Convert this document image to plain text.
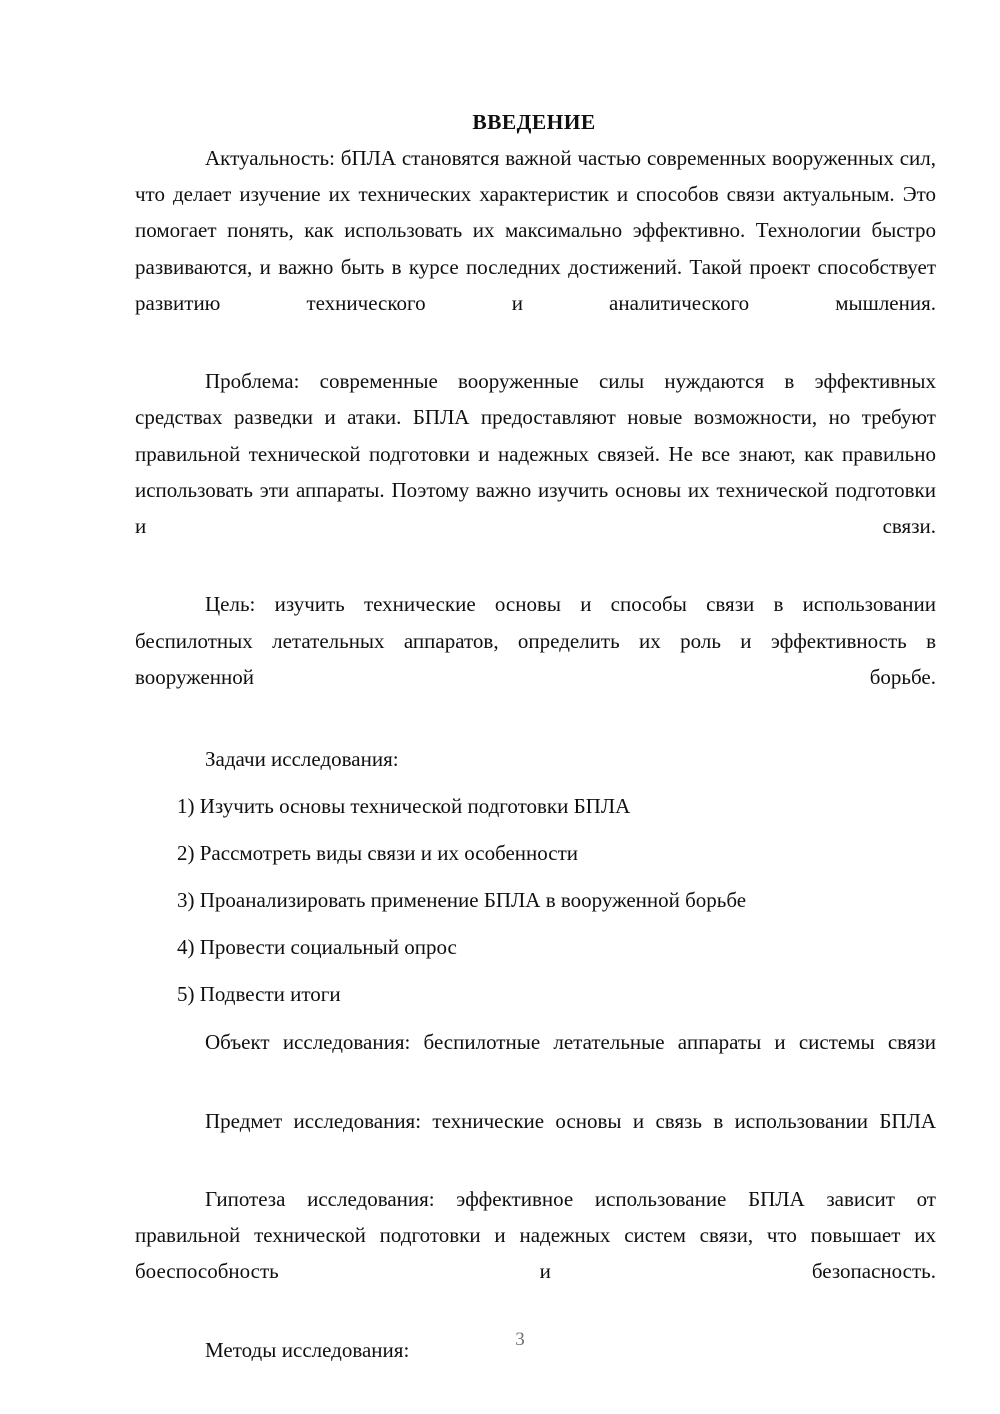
ВВЕДЕНИЕ

Актуальность: бПЛА становятся важной частью современных вооруженных сил, что делает изучение их технических характеристик и способов связи актуальным. Это помогает понять, как использовать их максимально эффективно. Технологии быстро развиваются, и важно быть в курсе последних достижений. Такой проект способствует развитию технического и аналитического мышления.

Проблема: современные вооруженные силы нуждаются в эффективных средствах разведки и атаки. БПЛА предоставляют новые возможности, но требуют правильной технической подготовки и надежных связей. Не все знают, как правильно использовать эти аппараты. Поэтому важно изучить основы их технической подготовки и связи.

Цель: изучить технические основы и способы связи в использовании беспилотных летательных аппаратов, определить их роль и эффективность в вооруженной борьбе.

Задачи исследования:
1) Изучить основы технической подготовки БПЛА
2) Рассмотреть виды связи и их особенности
3) Проанализировать применение БПЛА в вооруженной борьбе
4) Провести социальный опрос
5) Подвести итоги

Объект исследования: беспилотные летательные аппараты и системы связи

Предмет исследования: технические основы и связь в использовании БПЛА

Гипотеза исследования: эффективное использование БПЛА зависит от правильной технической подготовки и надежных систем связи, что повышает их боеспособность и безопасность.

Методы исследования:	3
